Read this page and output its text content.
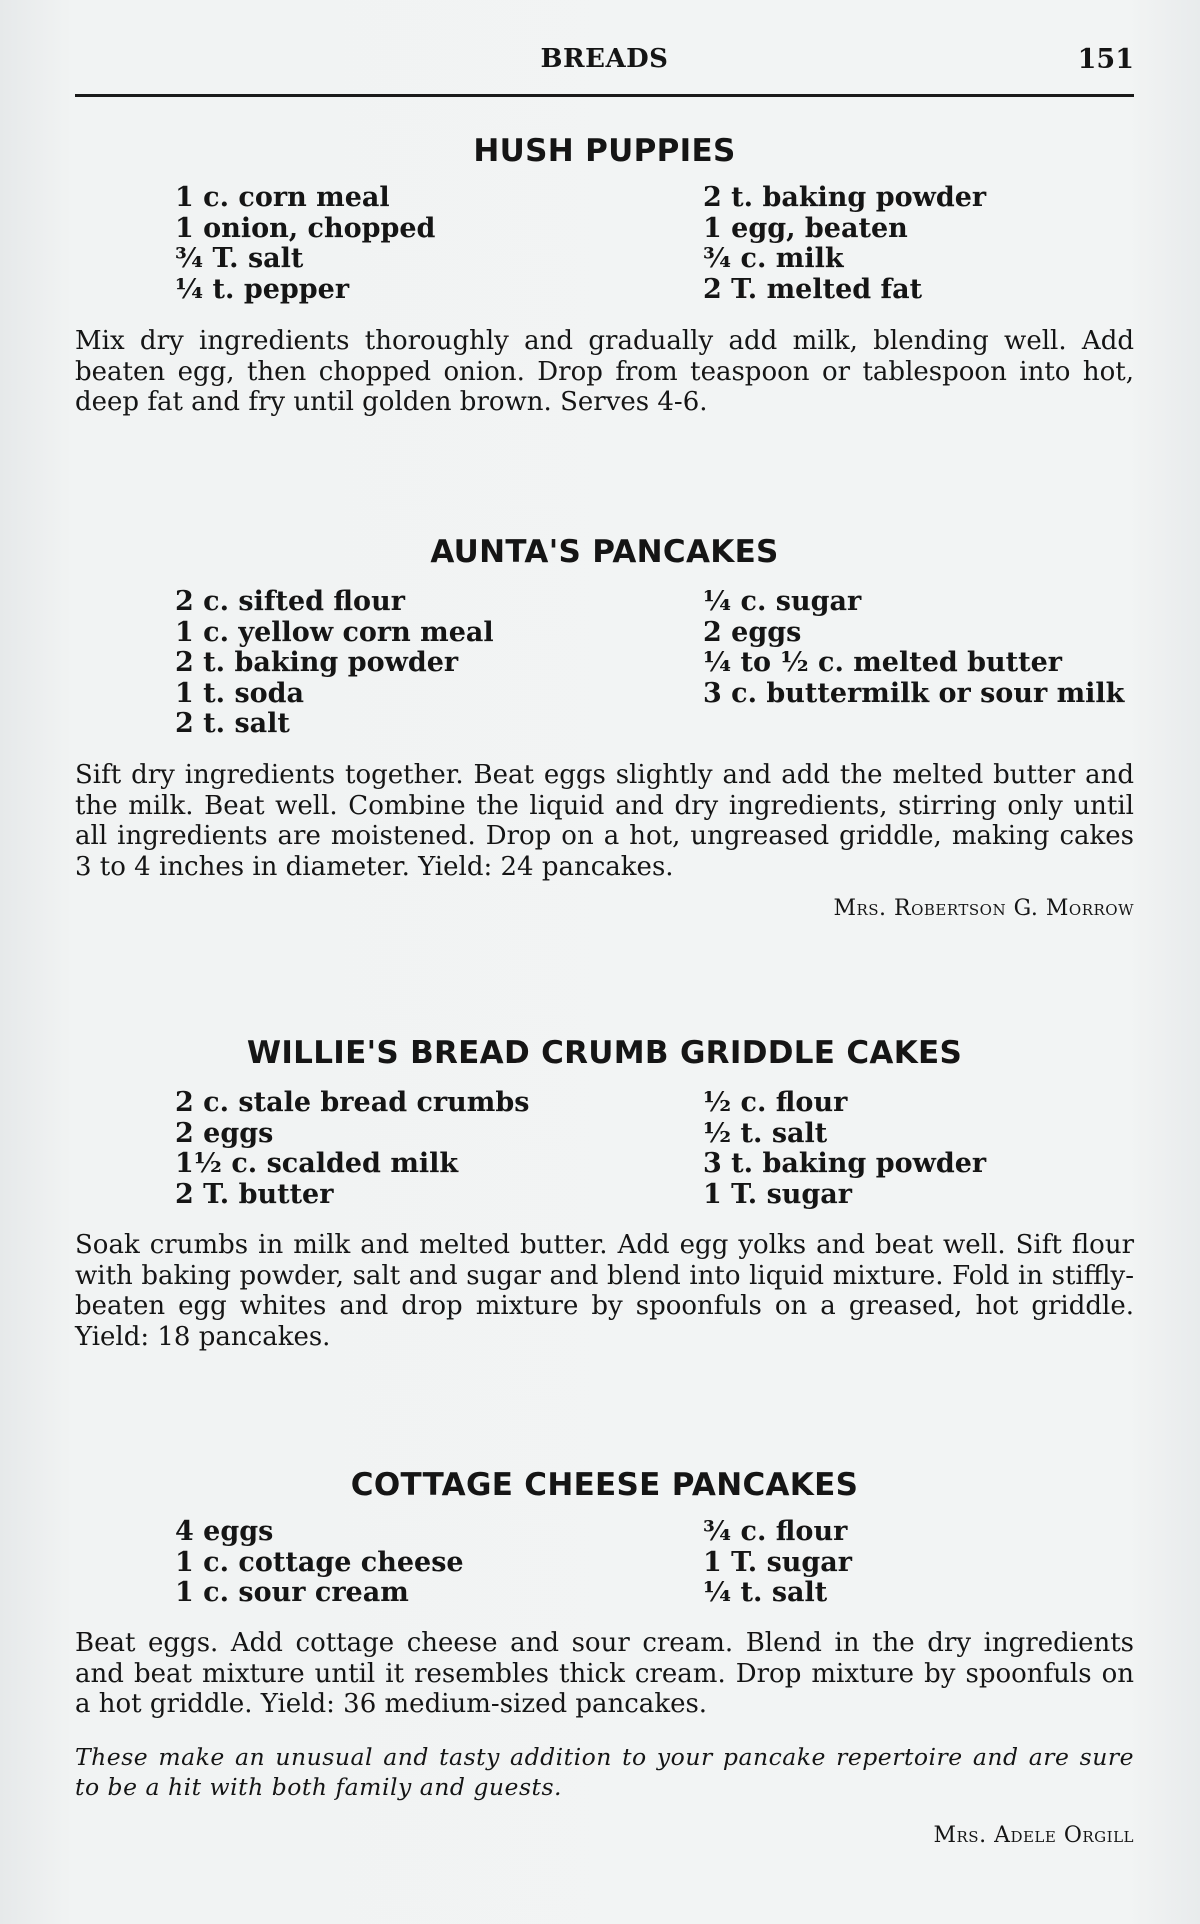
BREADS	151
HUSH PUPPIES
1 c. corn meal
1 onion, chopped
¾ T. salt
¼ t. pepper
2 t. baking powder
1 egg, beaten
¾ c. milk
2 T. melted fat

Mix dry ingredients thoroughly and gradually add milk, blending well. Add beaten egg, then chopped onion. Drop from teaspoon or tablespoon into hot, deep fat and fry until golden brown. Serves 4-6.

AUNTA'S PANCAKES
2 c. sifted flour
1 c. yellow corn meal
2 t. baking powder
1 t. soda
2 t. salt
¼ c. sugar
2 eggs
¼ to ½ c. melted butter
3 c. buttermilk or sour milk

Sift dry ingredients together. Beat eggs slightly and add the melted butter and the milk. Beat well. Combine the liquid and dry ingredients, stirring only until all ingredients are moistened. Drop on a hot, ungreased griddle, making cakes 3 to 4 inches in diameter. Yield: 24 pancakes.

Mrs. Robertson G. Morrow
WILLIE'S BREAD CRUMB GRIDDLE CAKES
2 c. stale bread crumbs
2 eggs
1½ c. scalded milk
2 T. butter
½ c. flour
½ t. salt
3 t. baking powder
1 T. sugar

Soak crumbs in milk and melted butter. Add egg yolks and beat well. Sift flour with baking powder, salt and sugar and blend into liquid mixture. Fold in stiffly-beaten egg whites and drop mixture by spoonfuls on a greased, hot griddle. Yield: 18 pancakes.

COTTAGE CHEESE PANCAKES
4 eggs
1 c. cottage cheese
1 c. sour cream
¾ c. flour
1 T. sugar
¼ t. salt

Beat eggs. Add cottage cheese and sour cream. Blend in the dry ingredients and beat mixture until it resembles thick cream. Drop mixture by spoonfuls on a hot griddle. Yield: 36 medium-sized pancakes.

These make an unusual and tasty addition to your pancake repertoire and are sure to be a hit with both family and guests.

Mrs. Adele Orgill
